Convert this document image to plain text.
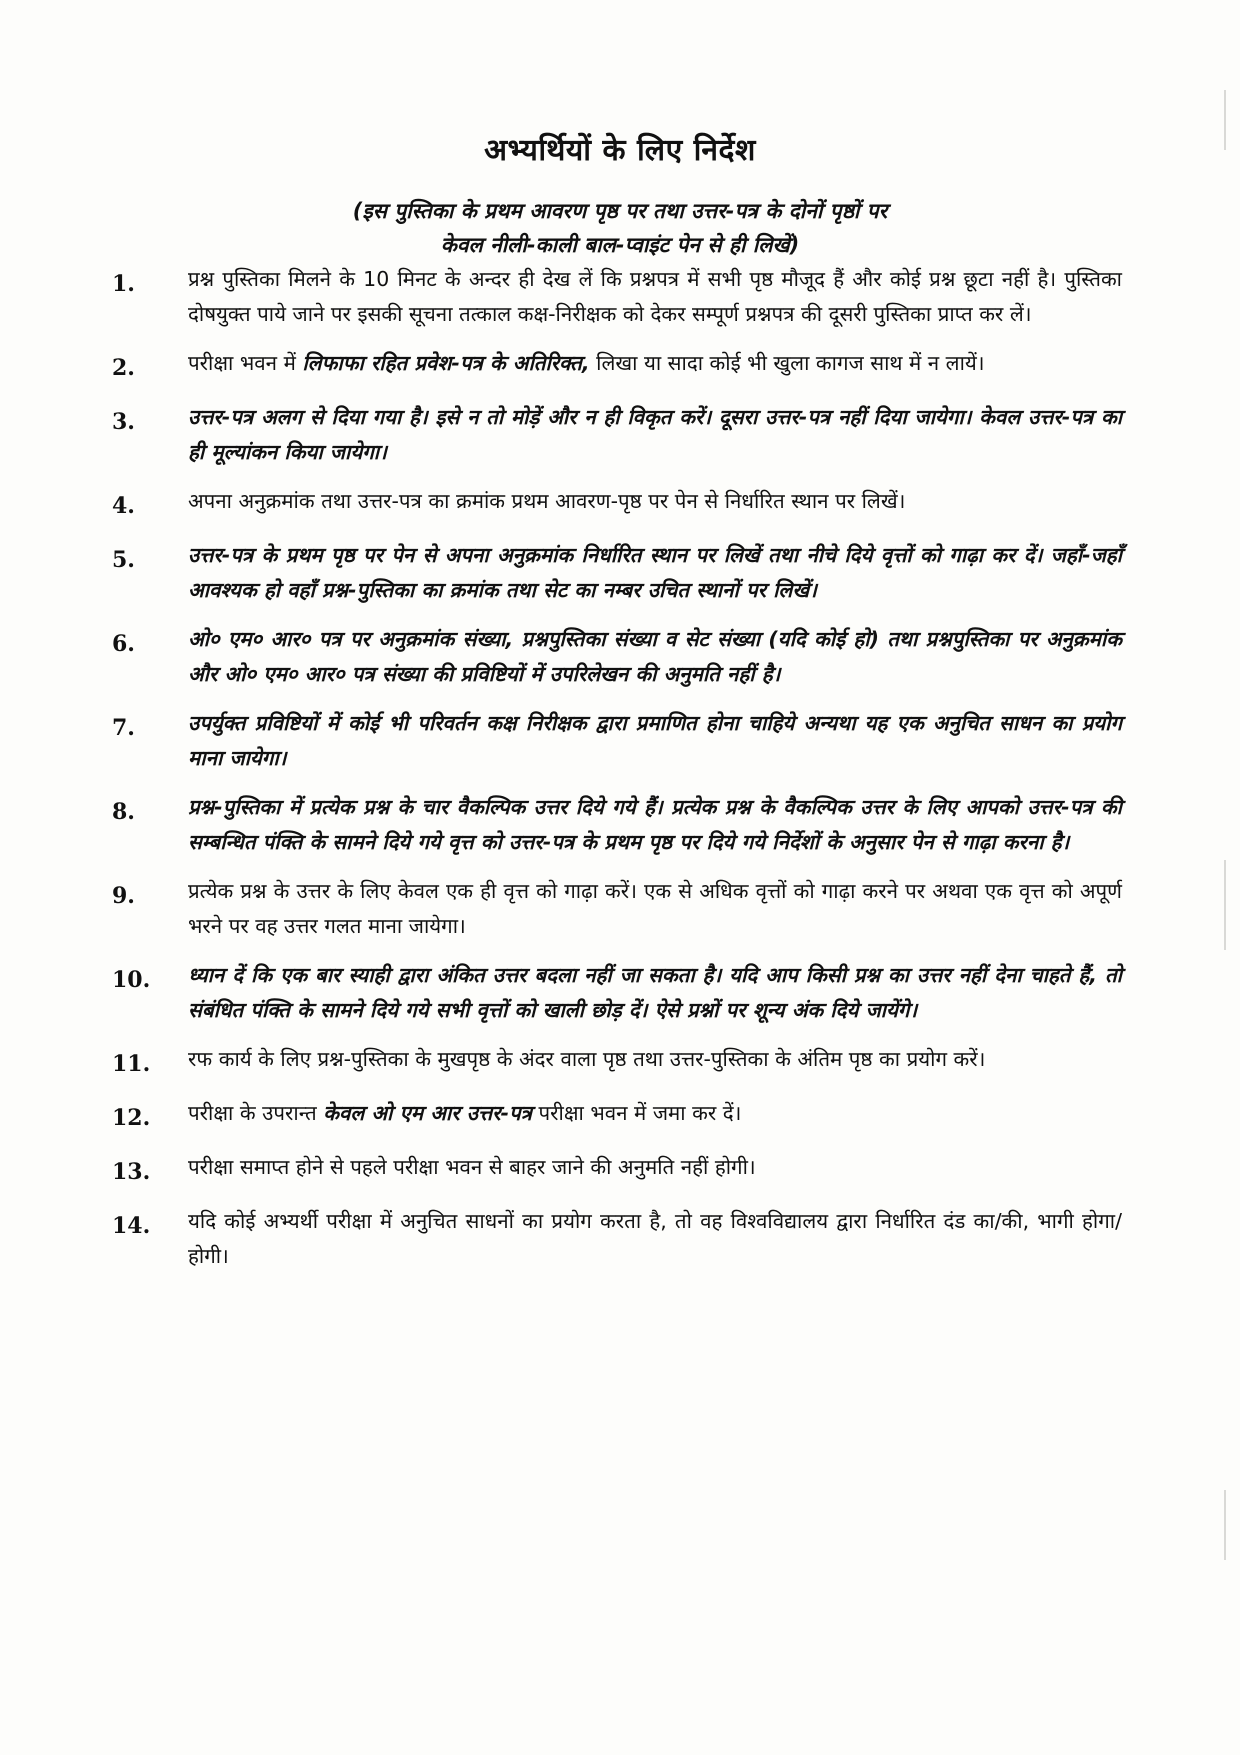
अभ्यर्थियों के लिए निर्देश
(इस पुस्तिका के प्रथम आवरण पृष्ठ पर तथा उत्तर-पत्र के दोनों पृष्ठों पर
केवल नीली-काली बाल-प्वाइंट पेन से ही लिखें)
1.	प्रश्न पुस्तिका मिलने के 10 मिनट के अन्दर ही देख लें कि प्रश्नपत्र में सभी पृष्ठ मौजूद हैं और कोई प्रश्न छूटा नहीं है। पुस्तिका दोषयुक्त पाये जाने पर इसकी सूचना तत्काल कक्ष-निरीक्षक को देकर सम्पूर्ण प्रश्नपत्र की दूसरी पुस्तिका प्राप्त कर लें।
2.	परीक्षा भवन में लिफाफा रहित प्रवेश-पत्र के अतिरिक्त, लिखा या सादा कोई भी खुला कागज साथ में न लायें।
3.	उत्तर-पत्र अलग से दिया गया है। इसे न तो मोड़ें और न ही विकृत करें। दूसरा उत्तर-पत्र नहीं दिया जायेगा। केवल उत्तर-पत्र का ही मूल्यांकन किया जायेगा।
4.	अपना अनुक्रमांक तथा उत्तर-पत्र का क्रमांक प्रथम आवरण-पृष्ठ पर पेन से निर्धारित स्थान पर लिखें।
5.	उत्तर-पत्र के प्रथम पृष्ठ पर पेन से अपना अनुक्रमांक निर्धारित स्थान पर लिखें तथा नीचे दिये वृत्तों को गाढ़ा कर दें। जहाँ-जहाँ आवश्यक हो वहाँ प्रश्न-पुस्तिका का क्रमांक तथा सेट का नम्बर उचित स्थानों पर लिखें।
6.	ओ० एम० आर० पत्र पर अनुक्रमांक संख्या, प्रश्नपुस्तिका संख्या व सेट संख्या (यदि कोई हो) तथा प्रश्नपुस्तिका पर अनुक्रमांक और ओ० एम० आर० पत्र संख्या की प्रविष्टियों में उपरिलेखन की अनुमति नहीं है।
7.	उपर्युक्त प्रविष्टियों में कोई भी परिवर्तन कक्ष निरीक्षक द्वारा प्रमाणित होना चाहिये अन्यथा यह एक अनुचित साधन का प्रयोग माना जायेगा।
8.	प्रश्न-पुस्तिका में प्रत्येक प्रश्न के चार वैकल्पिक उत्तर दिये गये हैं। प्रत्येक प्रश्न के वैकल्पिक उत्तर के लिए आपको उत्तर-पत्र की सम्बन्धित पंक्ति के सामने दिये गये वृत्त को उत्तर-पत्र के प्रथम पृष्ठ पर दिये गये निर्देशों के अनुसार पेन से गाढ़ा करना है।
9.	प्रत्येक प्रश्न के उत्तर के लिए केवल एक ही वृत्त को गाढ़ा करें। एक से अधिक वृत्तों को गाढ़ा करने पर अथवा एक वृत्त को अपूर्ण भरने पर वह उत्तर गलत माना जायेगा।
10.	ध्यान दें कि एक बार स्याही द्वारा अंकित उत्तर बदला नहीं जा सकता है। यदि आप किसी प्रश्न का उत्तर नहीं देना चाहते हैं, तो संबंधित पंक्ति के सामने दिये गये सभी वृत्तों को खाली छोड़ दें। ऐसे प्रश्नों पर शून्य अंक दिये जायेंगे।
11.	रफ कार्य के लिए प्रश्न-पुस्तिका के मुखपृष्ठ के अंदर वाला पृष्ठ तथा उत्तर-पुस्तिका के अंतिम पृष्ठ का प्रयोग करें।
12.	परीक्षा के उपरान्त केवल ओ एम आर उत्तर-पत्र परीक्षा भवन में जमा कर दें।
13.	परीक्षा समाप्त होने से पहले परीक्षा भवन से बाहर जाने की अनुमति नहीं होगी।
14.	यदि कोई अभ्यर्थी परीक्षा में अनुचित साधनों का प्रयोग करता है, तो वह विश्वविद्यालय द्वारा निर्धारित दंड का/की, भागी होगा/होगी।
